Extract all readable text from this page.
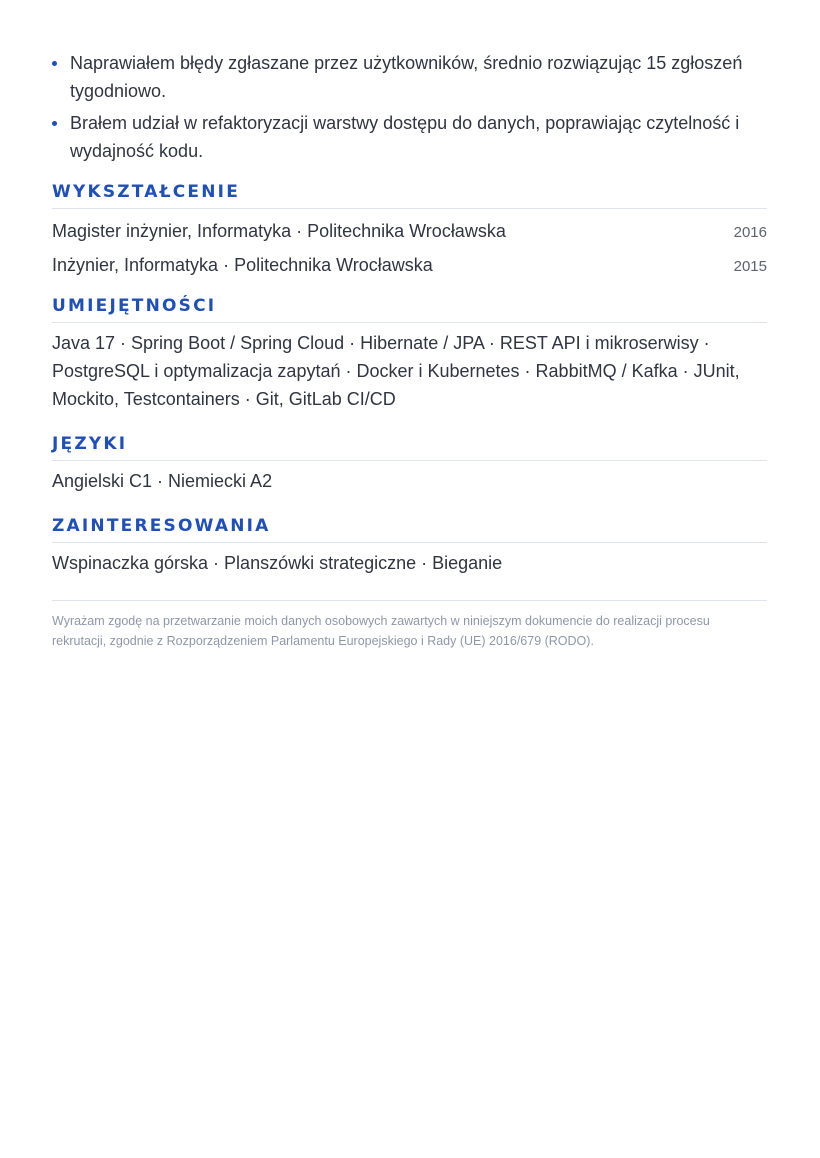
Naprawiałem błędy zgłaszane przez użytkowników, średnio rozwiązując 15 zgłoszeń tygodniowo.
Brałem udział w refaktoryzacji warstwy dostępu do danych, poprawiając czytelność i wydajność kodu.
WYKSZTAŁCENIE
Magister inżynier, Informatyka · Politechnika Wrocławska	2016
Inżynier, Informatyka · Politechnika Wrocławska	2015
UMIEJĘTNOŚCI
Java 17 · Spring Boot / Spring Cloud · Hibernate / JPA · REST API i mikroserwisy · PostgreSQL i optymalizacja zapytań · Docker i Kubernetes · RabbitMQ / Kafka · JUnit, Mockito, Testcontainers · Git, GitLab CI/CD
JĘZYKI
Angielski C1 · Niemiecki A2
ZAINTERESOWANIA
Wspinaczka górska · Planszówki strategiczne · Bieganie
Wyrażam zgodę na przetwarzanie moich danych osobowych zawartych w niniejszym dokumencie do realizacji procesu rekrutacji, zgodnie z Rozporządzeniem Parlamentu Europejskiego i Rady (UE) 2016/679 (RODO).
